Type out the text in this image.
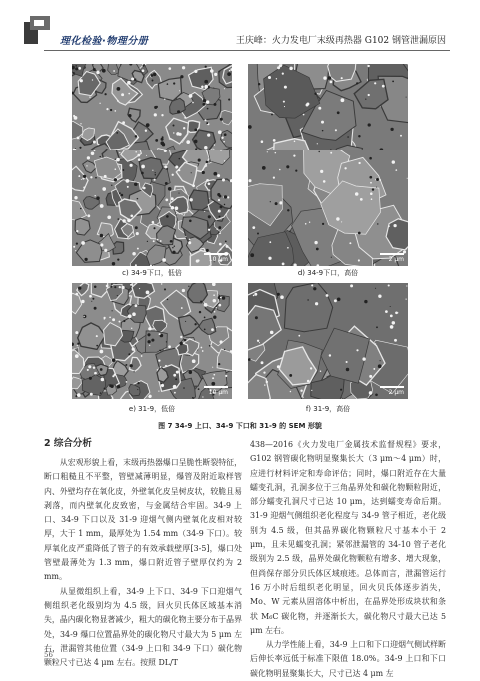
理化检验·物理分册	王庆峰：火力发电厂末级再热器 G102 钢管泄漏原因
10 μm	2 μm
c) 34-9下口，低倍	d) 34-9下口，高倍
10 μm	2 μm
e) 31-9，低倍	f) 31-9，高倍
图 7 34-9 上口、34-9 下口和 31-9 的 SEM 形貌
2 综合分析

从宏观形貌上看，末级再热器爆口呈脆性断裂特征，断口粗糙且不平整，管壁减薄明显，爆管及附近取样管内、外壁均存在氧化皮，外壁氧化皮呈树皮状，较脆且易剥落，而内壁氧化皮致密，与金属结合牢固。34-9 上口、34-9 下口以及 31-9 迎烟气侧内壁氧化皮相对较厚，大于 1 mm，最厚处为 1.54 mm（34-9 下口）。较厚氧化皮严重降低了管子的有效承载壁厚[3-5]，爆口处管壁最薄处为 1.3 mm，爆口附近管子壁厚仅约为 2 mm。

从显微组织上看，34-9 上下口、34-9 下口迎烟气侧组织老化级别均为 4.5 级，回火贝氏体区域基本消失，晶内碳化物显著减少，粗大的碳化物主要分布于晶界处，34-9 爆口位置晶界处的碳化物尺寸最大为 5 μm 左右，泄漏管其他位置（34-9 上口和 34-9 下口）碳化物颗粒尺寸已达 4 μm 左右。按照 DL/T

438—2016《火力发电厂金属技术监督规程》要求，G102 钢管碳化物明显聚集长大（3 μm～4 μm）时，应进行材料评定和寿命评估；同时，爆口附近存在大量蠕变孔洞，孔洞多位于三角晶界处和碳化物颗粒附近，部分蠕变孔洞尺寸已达 10 μm，达到蠕变寿命后期。31-9 迎烟气侧组织老化程度与 34-9 管子相近，老化级别为 4.5 级，但其晶界碳化物颗粒尺寸基本小于 2 μm，且未见蠕变孔洞；紧邻泄漏管的 34-10 管子老化级别为 2.5 级，晶界处碳化物颗粒有增多、增大现象，但尚保存部分贝氏体区域痕迹。总体而言，泄漏管运行 16 万小时后组织老化明显，回火贝氏体逐步消失，Mo、W 元素从固溶体中析出，在晶界处形成块状和条状 M₆C 碳化物，并逐渐长大，碳化物尺寸最大已达 5 μm 左右。

从力学性能上看，34-9 上口和下口迎烟气侧试样断后伸长率远低于标准下限值 18.0%。34-9 上口和下口碳化物明显聚集长大，尺寸已达 4 μm 左

56
